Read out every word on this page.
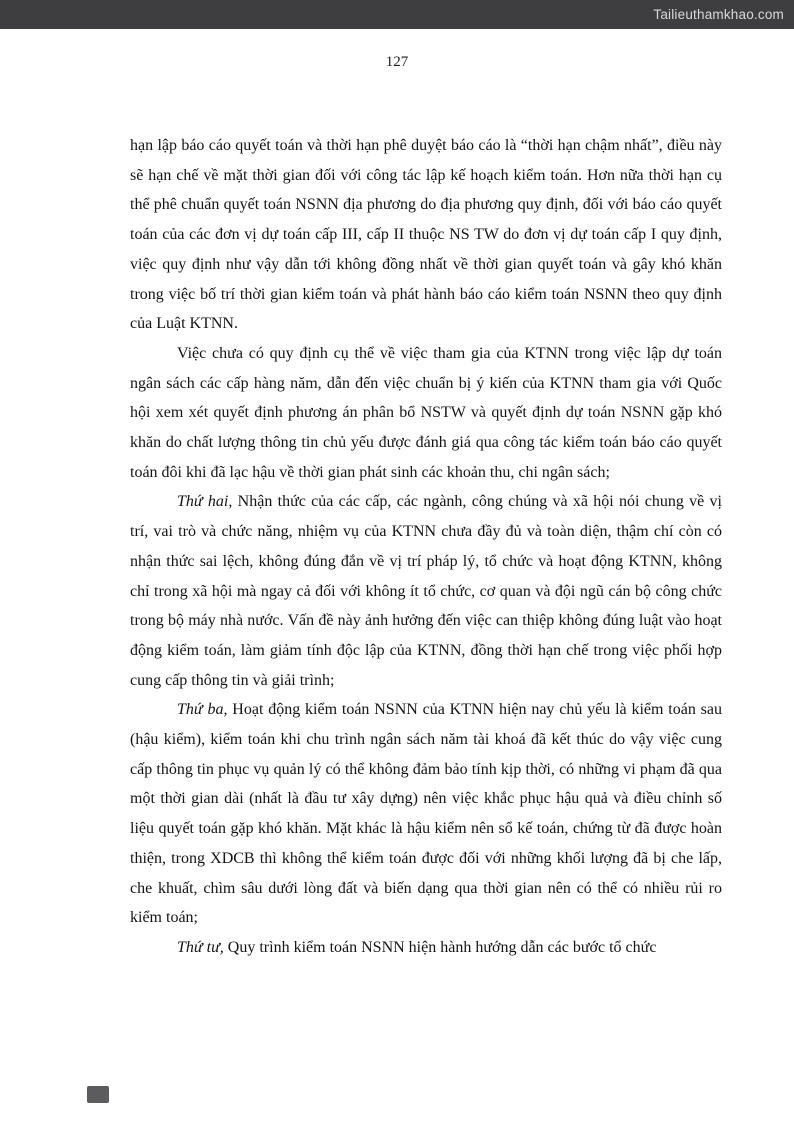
Tailieuthamkhao.com
127

hạn lập báo cáo quyết toán và thời hạn phê duyệt báo cáo là “thời hạn chậm nhất”, điều này sẽ hạn chế về mặt thời gian đối với công tác lập kế hoạch kiểm toán. Hơn nữa thời hạn cụ thể phê chuẩn quyết toán NSNN địa phương do địa phương quy định, đối với báo cáo quyết toán của các đơn vị dự toán cấp III, cấp II thuộc NS TW do đơn vị dự toán cấp I quy định, việc quy định như vậy dẫn tới không đồng nhất về thời gian quyết toán và gây khó khăn trong việc bố trí thời gian kiểm toán và phát hành báo cáo kiểm toán NSNN theo quy định của Luật KTNN.

Việc chưa có quy định cụ thể về việc tham gia của KTNN trong việc lập dự toán ngân sách các cấp hàng năm, dẫn đến việc chuẩn bị ý kiến của KTNN tham gia với Quốc hội xem xét quyết định phương án phân bổ NSTW và quyết định dự toán NSNN gặp khó khăn do chất lượng thông tin chủ yếu được đánh giá qua công tác kiểm toán báo cáo quyết toán đôi khi đã lạc hậu về thời gian phát sinh các khoản thu, chi ngân sách;

Thứ hai, Nhận thức của các cấp, các ngành, công chúng và xã hội nói chung về vị trí, vai trò và chức năng, nhiệm vụ của KTNN chưa đầy đủ và toàn diện, thậm chí còn có nhận thức sai lệch, không đúng đắn về vị trí pháp lý, tổ chức và hoạt động KTNN, không chỉ trong xã hội mà ngay cả đối với không ít tổ chức, cơ quan và đội ngũ cán bộ công chức trong bộ máy nhà nước. Vấn đề này ảnh hưởng đến việc can thiệp không đúng luật vào hoạt động kiểm toán, làm giảm tính độc lập của KTNN, đồng thời hạn chế trong việc phối hợp cung cấp thông tin và giải trình;

Thứ ba, Hoạt động kiểm toán NSNN của KTNN hiện nay chủ yếu là kiểm toán sau (hậu kiểm), kiểm toán khi chu trình ngân sách năm tài khoá đã kết thúc do vậy việc cung cấp thông tin phục vụ quản lý có thể không đảm bảo tính kịp thời, có những vi phạm đã qua một thời gian dài (nhất là đầu tư xây dựng) nên việc khắc phục hậu quả và điều chỉnh số liệu quyết toán gặp khó khăn. Mặt khác là hậu kiểm nên sổ kế toán, chứng từ đã được hoàn thiện, trong XDCB thì không thể kiểm toán được đối với những khối lượng đã bị che lấp, che khuất, chìm sâu dưới lòng đất và biến dạng qua thời gian nên có thể có nhiều rủi ro kiểm toán;

Thứ tư, Quy trình kiểm toán NSNN hiện hành hướng dẫn các bước tổ chức
